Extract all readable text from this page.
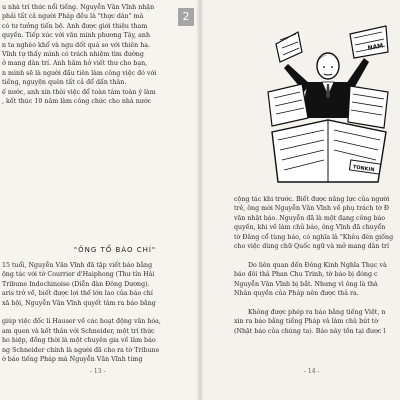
"ÔNG TỔ BÁO CHÍ"
- 13 -
u nhà trí thức nổi tiếng. Nguyễn Văn Vĩnh nhận
phải tất cả người Pháp đều là "thực dân" mà
có tư tưởng tiến bộ. Anh được giới thiệu tham
quyền. Tiếp xúc với văn minh phương Tây, anh
n ta nghèo khổ và ngu dốt quá so với thiên hạ.
Vĩnh tự thấy mình có trách nhiệm tìm đường
ở mang dân trí. Anh hăm hở viết thư cho bạn,
n mình sẽ là người đầu tiên làm công việc đó với
tiếng, nguyện quên tất cả để dấn thân.
ế nước, anh xin thôi việc để toàn tâm toàn ý làm
, kết thúc 10 năm làm công chức cho nhà nước
15 tuổi, Nguyễn Văn Vĩnh đã tập viết báo bằng
ộng tác với tờ Courrier d'Haiphong (Thư tín Hải
Tribune Indochinoise (Diễn đàn Đông Dương).
aris trở về, biết được lợi thế lớn lao của báo chí
xã hội, Nguyễn Văn Vĩnh quyết tâm ra báo bằng
giúp việc đốc lí Hauser về các hoạt động văn hóa,
am quen và kết thân với Schneider, một trí thức
ho hiệp, đồng thời là một chuyên gia về làm báo
ng Schneider chính là người đã cho ra tờ Tribune
ờ báo tiếng Pháp mà Nguyễn Văn Vĩnh từng
2
NAM
TONKIN
- 14 -
cộng tác khi trước. Biết được năng lực của người
trẻ, ông mời Nguyễn Văn Vĩnh về phụ trách tờ Đ
văn nhật báo. Nguyễn đã là một đạng công báo
quyền, khi về làm chủ báo, ông Vĩnh đã chuyển
tờ Đăng cổ tùng báo, có nghĩa là "Khêu đèn giống
cho việc dùng chữ Quốc ngữ và mở mang dân trí
Do liên quan đến Đông Kinh Nghĩa Thục và
báo đôi thả Phan Chu Trinh, tờ báo bị đóng c
Nguyễn Văn Vĩnh bị bắt. Nhưng vì ông là thà
Nhân quyền của Pháp nên được thả ra.
Không được phép ra báo bằng tiếng Việt, n
xin ra báo bằng tiếng Pháp và làm chủ bút tờ
(Nhật báo của chúng ta). Báo này tồn tại được l
